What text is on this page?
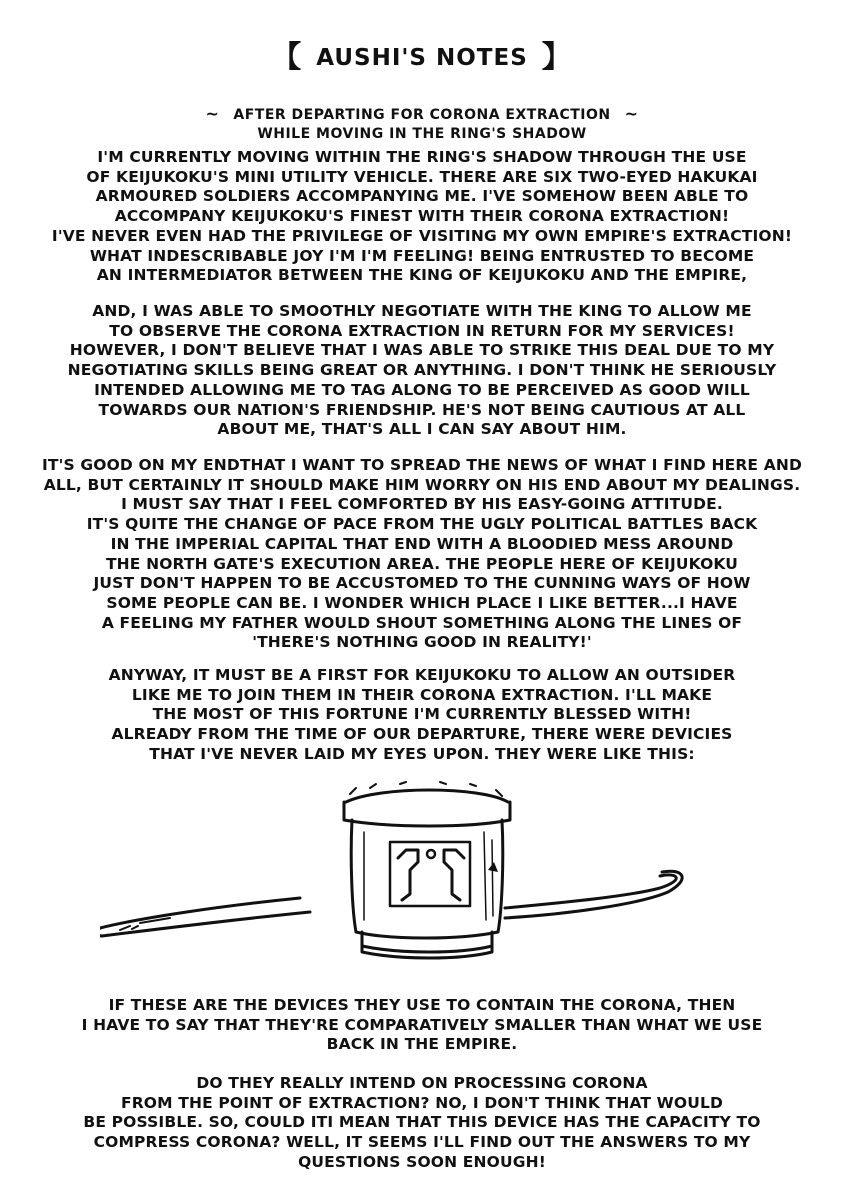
【 AUSHI'S NOTES 】
~ AFTER DEPARTING FOR CORONA EXTRACTION ~
WHILE MOVING IN THE RING'S SHADOW
I'M CURRENTLY MOVING WITHIN THE RING'S SHADOW THROUGH THE USE
OF KEIJUKOKU'S MINI UTILITY VEHICLE. THERE ARE SIX TWO-EYED HAKUKAI
ARMOURED SOLDIERS ACCOMPANYING ME. I'VE SOMEHOW BEEN ABLE TO
ACCOMPANY KEIJUKOKU'S FINEST WITH THEIR CORONA EXTRACTION!
I'VE NEVER EVEN HAD THE PRIVILEGE OF VISITING MY OWN EMPIRE'S EXTRACTION!
WHAT INDESCRIBABLE JOY I'M I'M FEELING! BEING ENTRUSTED TO BECOME
AN INTERMEDIATOR BETWEEN THE KING OF KEIJUKOKU AND THE EMPIRE,
AND, I WAS ABLE TO SMOOTHLY NEGOTIATE WITH THE KING TO ALLOW ME
TO OBSERVE THE CORONA EXTRACTION IN RETURN FOR MY SERVICES!
HOWEVER, I DON'T BELIEVE THAT I WAS ABLE TO STRIKE THIS DEAL DUE TO MY
NEGOTIATING SKILLS BEING GREAT OR ANYTHING. I DON'T THINK HE SERIOUSLY
INTENDED ALLOWING ME TO TAG ALONG TO BE PERCEIVED AS GOOD WILL
TOWARDS OUR NATION'S FRIENDSHIP. HE'S NOT BEING CAUTIOUS AT ALL
ABOUT ME, THAT'S ALL I CAN SAY ABOUT HIM.
IT'S GOOD ON MY ENDTHAT I WANT TO SPREAD THE NEWS OF WHAT I FIND HERE AND
ALL, BUT CERTAINLY IT SHOULD MAKE HIM WORRY ON HIS END ABOUT MY DEALINGS.
I MUST SAY THAT I FEEL COMFORTED BY HIS EASY-GOING ATTITUDE.
IT'S QUITE THE CHANGE OF PACE FROM THE UGLY POLITICAL BATTLES BACK
IN THE IMPERIAL CAPITAL THAT END WITH A BLOODIED MESS AROUND
THE NORTH GATE'S EXECUTION AREA. THE PEOPLE HERE OF KEIJUKOKU
JUST DON'T HAPPEN TO BE ACCUSTOMED TO THE CUNNING WAYS OF HOW
SOME PEOPLE CAN BE. I WONDER WHICH PLACE I LIKE BETTER...I HAVE
A FEELING MY FATHER WOULD SHOUT SOMETHING ALONG THE LINES OF
'THERE'S NOTHING GOOD IN REALITY!'
ANYWAY, IT MUST BE A FIRST FOR KEIJUKOKU TO ALLOW AN OUTSIDER
LIKE ME TO JOIN THEM IN THEIR CORONA EXTRACTION. I'LL MAKE
THE MOST OF THIS FORTUNE I'M CURRENTLY BLESSED WITH!
ALREADY FROM THE TIME OF OUR DEPARTURE, THERE WERE DEVICIES
THAT I'VE NEVER LAID MY EYES UPON. THEY WERE LIKE THIS:
IF THESE ARE THE DEVICES THEY USE TO CONTAIN THE CORONA, THEN
I HAVE TO SAY THAT THEY'RE COMPARATIVELY SMALLER THAN WHAT WE USE
BACK IN THE EMPIRE.
DO THEY REALLY INTEND ON PROCESSING CORONA
FROM THE POINT OF EXTRACTION? NO, I DON'T THINK THAT WOULD
BE POSSIBLE. SO, COULD ITI MEAN THAT THIS DEVICE HAS THE CAPACITY TO
COMPRESS CORONA? WELL, IT SEEMS I'LL FIND OUT THE ANSWERS TO MY
QUESTIONS SOON ENOUGH!
